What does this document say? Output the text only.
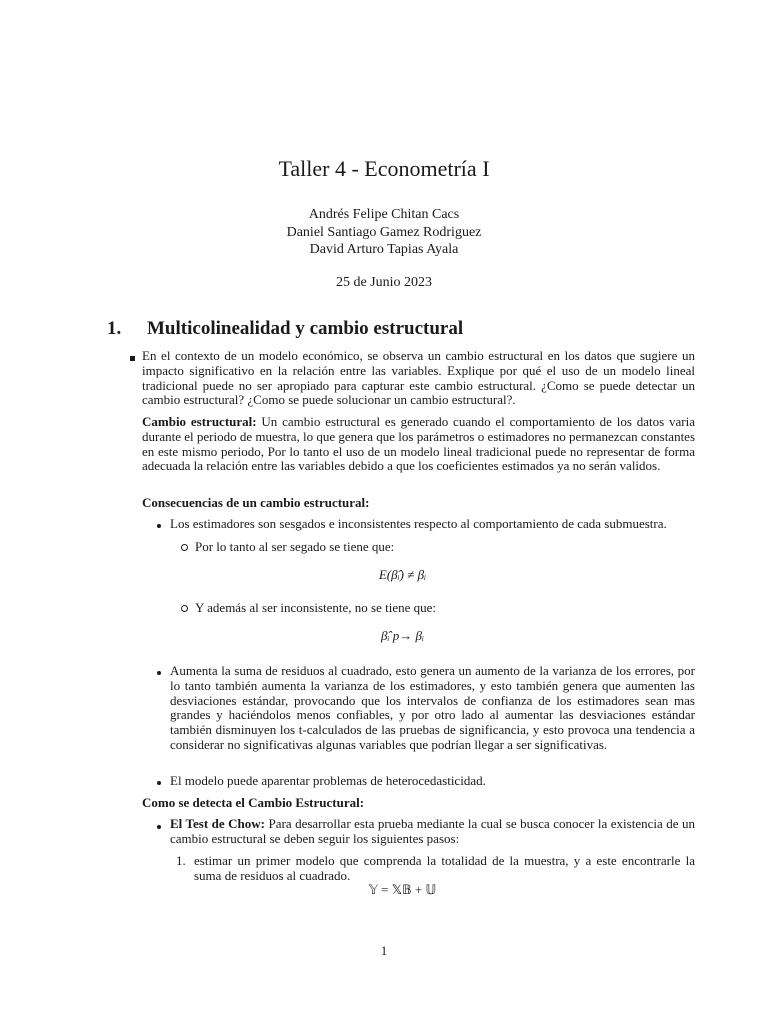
Taller 4 - Econometría I
Andrés Felipe Chitan Cacs
Daniel Santiago Gamez Rodriguez
David Arturo Tapias Ayala
25 de Junio 2023
1. Multicolinealidad y cambio estructural
En el contexto de un modelo económico, se observa un cambio estructural en los datos que sugiere un impacto significativo en la relación entre las variables. Explique por qué el uso de un modelo lineal tradicional puede no ser apropiado para capturar este cambio estructural. ¿Como se puede detectar un cambio estructural? ¿Como se puede solucionar un cambio estructural?.
Cambio estructural: Un cambio estructural es generado cuando el comportamiento de los datos varia durante el periodo de muestra, lo que genera que los parámetros o estimadores no permanezcan constantes en este mismo periodo, Por lo tanto el uso de un modelo lineal tradicional puede no representar de forma adecuada la relación entre las variables debido a que los coeficientes estimados ya no serán validos.
Consecuencias de un cambio estructural:
Los estimadores son sesgados e inconsistentes respecto al comportamiento de cada submuestra.
Por lo tanto al ser segado se tiene que:
E(β̂ᵢ) ≠ βᵢ
Y además al ser inconsistente, no se tiene que:
β̂ᵢ p→ βᵢ
Aumenta la suma de residuos al cuadrado, esto genera un aumento de la varianza de los errores, por lo tanto también aumenta la varianza de los estimadores, y esto también genera que aumenten las desviaciones estándar, provocando que los intervalos de confianza de los estimadores sean mas grandes y haciéndolos menos confiables, y por otro lado al aumentar las desviaciones estándar también disminuyen los t-calculados de las pruebas de significancia, y esto provoca una tendencia a considerar no significativas algunas variables que podrían llegar a ser significativas.
El modelo puede aparentar problemas de heterocedasticidad.
Como se detecta el Cambio Estructural:
El Test de Chow: Para desarrollar esta prueba mediante la cual se busca conocer la existencia de un cambio estructural se deben seguir los siguientes pasos:
1. estimar un primer modelo que comprenda la totalidad de la muestra, y a este encontrarle la suma de residuos al cuadrado.
𝕐 = 𝕏𝔹 + 𝕌
1
